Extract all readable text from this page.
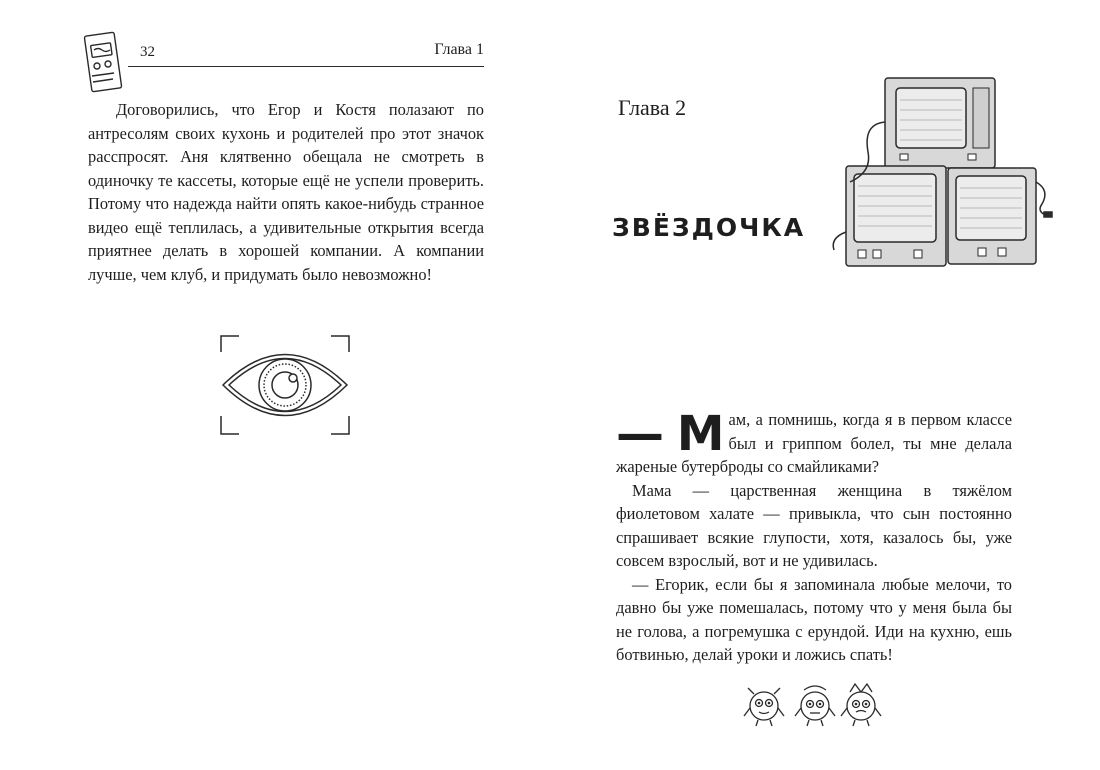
32	Глава 1

Договорились, что Егор и Костя полазают по антресолям своих кухонь и родителей про этот значок расспросят. Аня клятвенно обещала не смотреть в одиночку те кассеты, которые ещё не успели проверить. Потому что надежда найти опять какое-нибудь странное видео ещё теплилась, а удивительные открытия всегда приятнее делать в хорошей компании. А компании лучше, чем клуб, и придумать было невозможно!

Глава 2
ЗВЁЗДОЧКА
— М ам, а помнишь, когда я в первом классе был и гриппом болел, ты мне делала жареные бутерброды со смайликами?

Мама — царственная женщина в тяжёлом фиолетовом халате — привыкла, что сын постоянно спрашивает всякие глупости, хотя, казалось бы, уже совсем взрослый, вот и не удивилась.

— Егорик, если бы я запоминала любые мелочи, то давно бы уже помешалась, потому что у меня была бы не голова, а погремушка с ерундой. Иди на кухню, ешь ботвинью, делай уроки и ложись спать!
